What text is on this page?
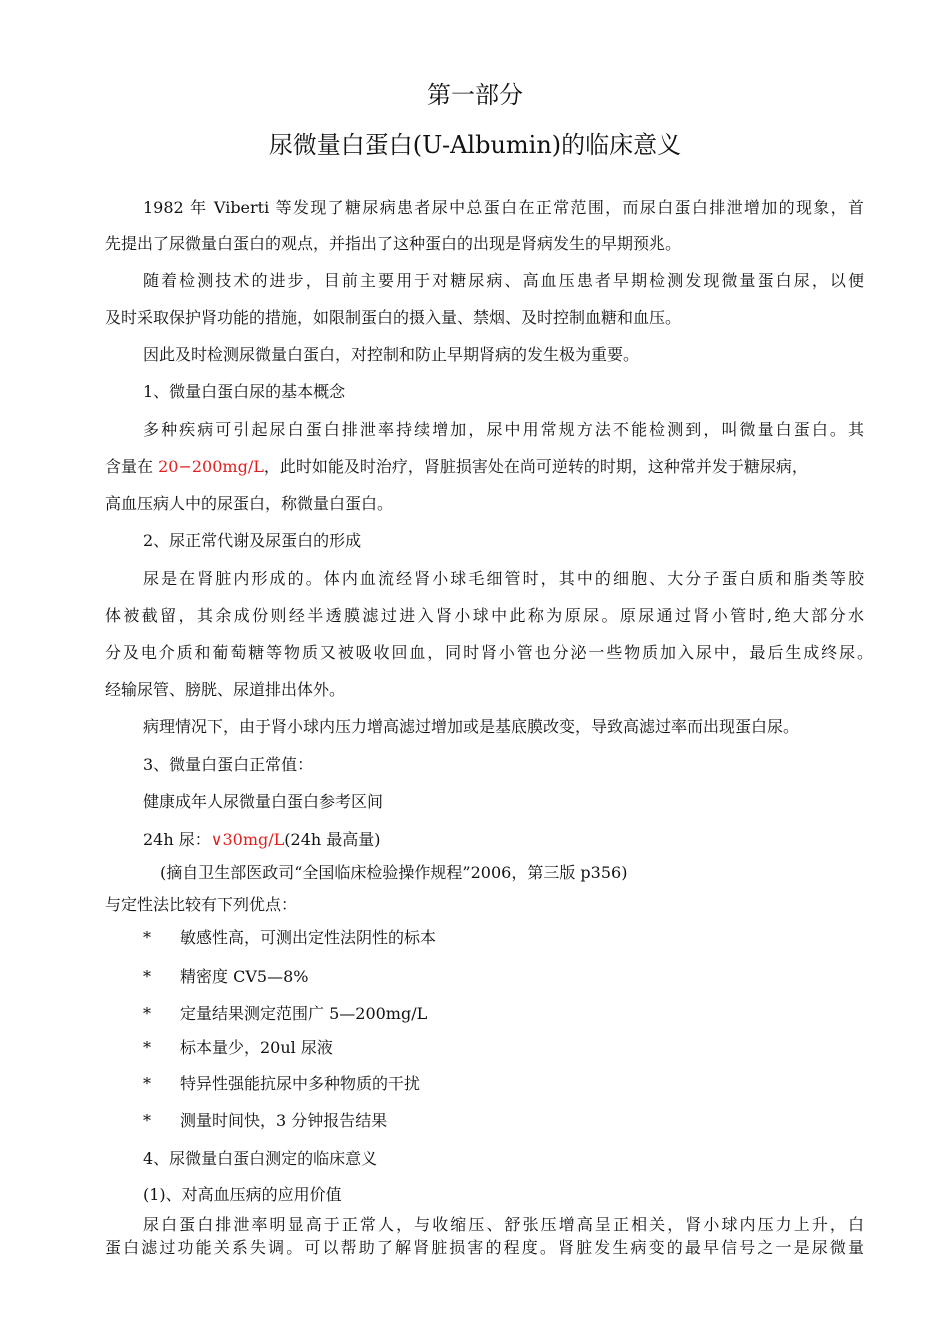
第一部分
尿微量白蛋白(U-Albumin)的临床意义
1982 年 Viberti 等发现了糖尿病患者尿中总蛋白在正常范围，而尿白蛋白排泄增加的现象，首
先提出了尿微量白蛋白的观点，并指出了这种蛋白的出现是肾病发生的早期预兆。
随着检测技术的进步，目前主要用于对糖尿病、高血压患者早期检测发现微量蛋白尿，以便
及时采取保护肾功能的措施，如限制蛋白的摄入量、禁烟、及时控制血糖和血压。
因此及时检测尿微量白蛋白，对控制和防止早期肾病的发生极为重要。
1、微量白蛋白尿的基本概念
多种疾病可引起尿白蛋白排泄率持续增加，尿中用常规方法不能检测到，叫微量白蛋白。其
含量在 20−200mg/L，此时如能及时治疗，肾脏损害处在尚可逆转的时期，这种常并发于糖尿病，
高血压病人中的尿蛋白，称微量白蛋白。
2、尿正常代谢及尿蛋白的形成
尿是在肾脏内形成的。体内血流经肾小球毛细管时，其中的细胞、大分子蛋白质和脂类等胶
体被截留，其余成份则经半透膜滤过进入肾小球中此称为原尿。原尿通过肾小管时,绝大部分水
分及电介质和葡萄糖等物质又被吸收回血，同时肾小管也分泌一些物质加入尿中，最后生成终尿。
经输尿管、膀胱、尿道排出体外。
病理情况下，由于肾小球内压力增高滤过增加或是基底膜改变，导致高滤过率而出现蛋白尿。
3、微量白蛋白正常值：
健康成年人尿微量白蛋白参考区间
24h 尿：∨30mg/L(24h 最高量)
(摘自卫生部医政司“全国临床检验操作规程”2006，第三版 p356)
与定性法比较有下列优点：
* 敏感性高，可测出定性法阴性的标本
* 精密度 CV5—8%
* 定量结果测定范围广 5—200mg/L
* 标本量少，20ul 尿液
* 特异性强能抗尿中多种物质的干扰
* 测量时间快，3 分钟报告结果
4、尿微量白蛋白测定的临床意义
(1)、对高血压病的应用价值
尿白蛋白排泄率明显高于正常人，与收缩压、舒张压增高呈正相关，肾小球内压力上升，白
蛋白滤过功能关系失调。可以帮助了解肾脏损害的程度。肾脏发生病变的最早信号之一是尿微量
